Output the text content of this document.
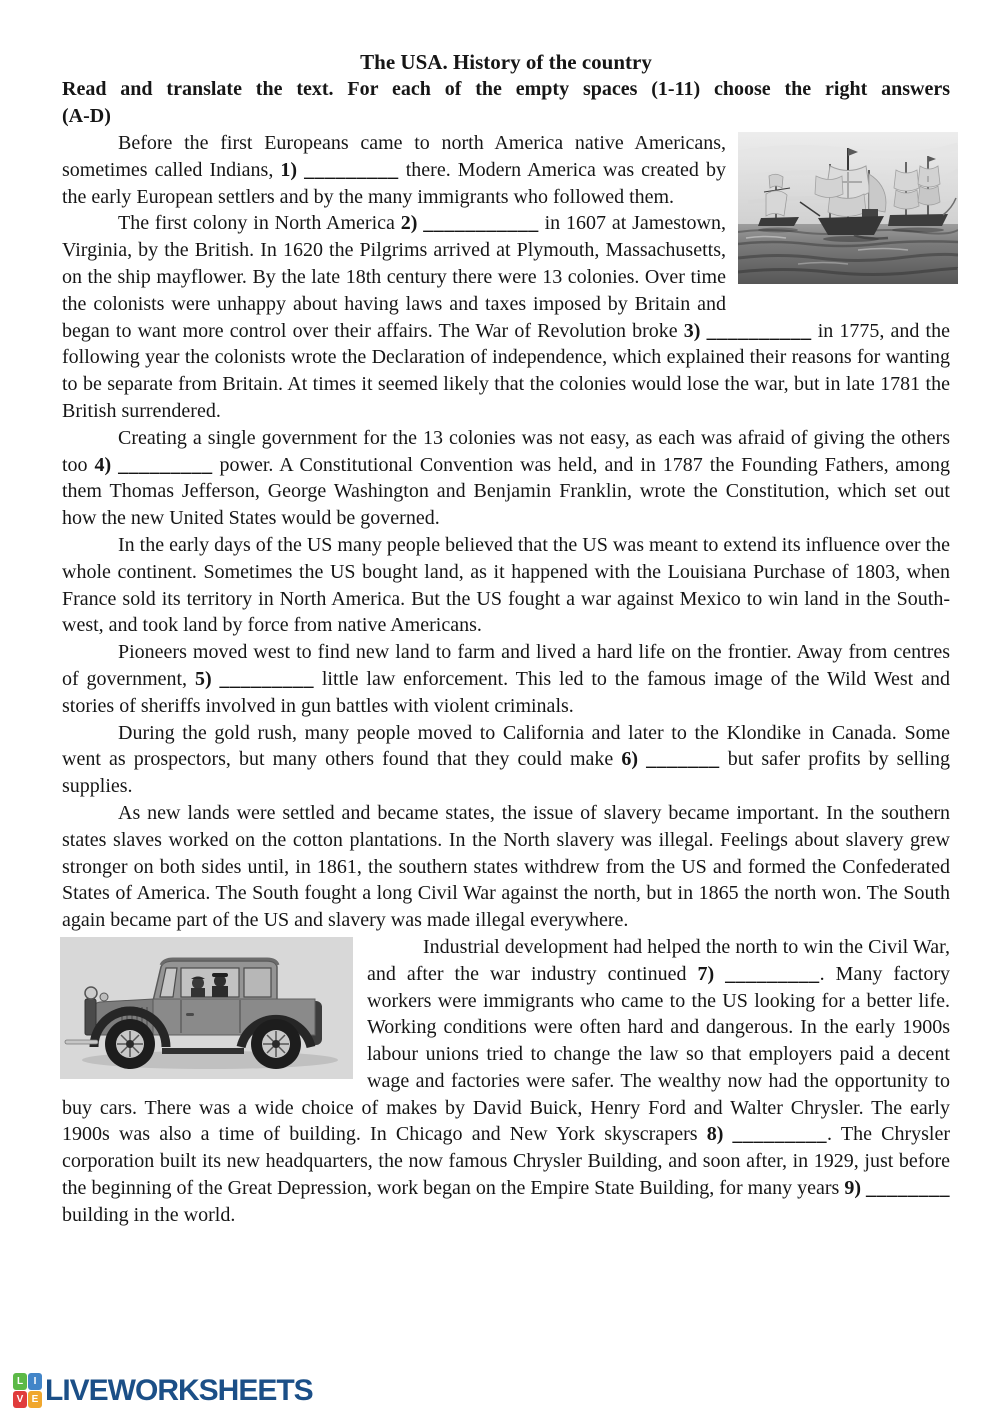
The USA. History of the country
Read and translate the text. For each of the empty spaces (1-11) choose the right answers
(A-D)

Before the first Europeans came to north America native Americans, sometimes called Indians, 1) _________ there. Modern America was created by the early European settlers and by the many immigrants who followed them.

The first colony in North America 2) ___________ in 1607 at Jamestown, Virginia, by the British. In 1620 the Pilgrims arrived at Plymouth, Massachusetts, on the ship mayflower. By the late 18th century there were 13 colonies. Over time the colonists were unhappy about having laws and taxes imposed by Britain and began to want more control over their affairs. The War of Revolution broke 3) __________ in 1775, and the following year the colonists wrote the Declaration of independence, which explained their reasons for wanting to be separate from Britain. At times it seemed likely that the colonies would lose the war, but in late 1781 the British surrendered.

Creating a single government for the 13 colonies was not easy, as each was afraid of giving the others too 4) _________ power. A Constitutional Convention was held, and in 1787 the Founding Fathers, among them Thomas Jefferson, George Washington and Benjamin Franklin, wrote the Constitution, which set out how the new United States would be governed.

In the early days of the US many people believed that the US was meant to extend its influence over the whole continent. Sometimes the US bought land, as it happened with the Louisiana Purchase of 1803, when France sold its territory in North America. But the US fought a war against Mexico to win land in the South-west, and took land by force from native Americans.

Pioneers moved west to find new land to farm and lived a hard life on the frontier. Away from centres of government, 5) _________ little law enforcement. This led to the famous image of the Wild West and stories of sheriffs involved in gun battles with violent criminals.

During the gold rush, many people moved to California and later to the Klondike in Canada. Some went as prospectors, but many others found that they could make 6) _______ but safer profits by selling supplies.

As new lands were settled and became states, the issue of slavery became important. In the southern states slaves worked on the cotton plantations. In the North slavery was illegal. Feelings about slavery grew stronger on both sides until, in 1861, the southern states withdrew from the US and formed the Confederated States of America. The South fought a long Civil War against the north, but in 1865 the north won. The South again became part of the US and slavery was made illegal everywhere.

Industrial development had helped the north to win the Civil War, and after the war industry continued 7) _________. Many factory workers were immigrants who came to the US looking for a better life. Working conditions were often hard and dangerous. In the early 1900s labour unions tried to change the law so that employers paid a decent wage and factories were safer. The wealthy now had the opportunity to buy cars. There was a wide choice of makes by David Buick, Henry Ford and Walter Chrysler. The early 1900s was also a time of building. In Chicago and New York skyscrapers 8) _________. The Chrysler corporation built its new headquarters, the now famous Chrysler Building, and soon after, in 1929, just before the beginning of the Great Depression, work began on the Empire State Building, for many years 9) ________ building in the world.

L	I
V E LIVEWORKSHEETS
